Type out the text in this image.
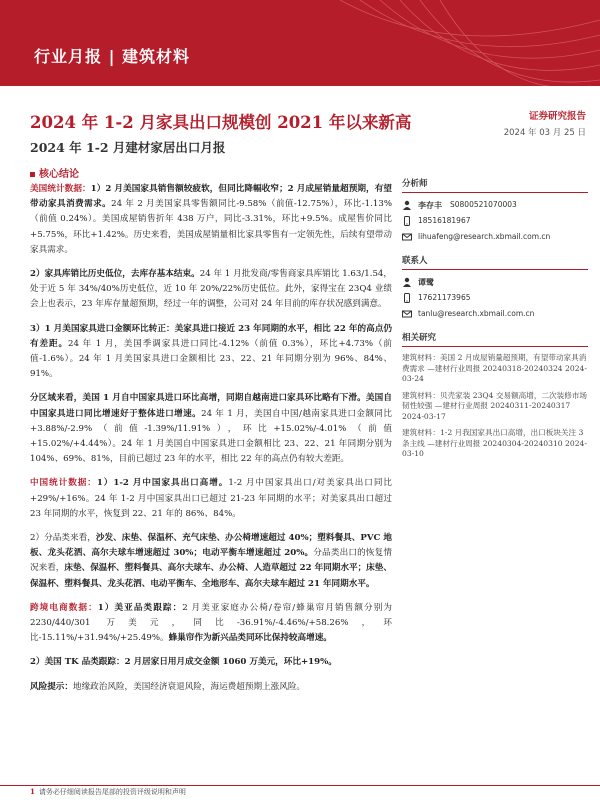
行业月报 | 建筑材料
2024 年 1-2 月家具出口规模创 2021 年以来新高
2024 年 1-2 月建材家居出口月报
证券研究报告
2024 年 03 月 25 日
核心结论

美国统计数据：1）2 月美国家具销售额较疲软，但同比降幅收窄；2 月成屋销量超预期，有望带动家具消费需求。24 年 2 月美国家具零售额同比-9.58%（前值-12.75%），环比-1.13%（前值 0.24%）。美国成屋销售折年 438 万户，同比-3.31%，环比+9.5%。成屋售价同比+5.75%，环比+1.42%。历史来看，美国成屋销量相比家具零售有一定领先性，后续有望带动家具需求。

2）家具库销比历史低位，去库存基本结束。24 年 1 月批发商/零售商家具库销比 1.63/1.54，处于近 5 年 34%/40%历史低位，近 10 年 20%/22%历史低位。此外，家得宝在 23Q4 业绩会上也表示，23 年库存量超预期，经过一年的调整，公司对 24 年目前的库存状况感到满意。

3）1 月美国家具进口金额环比转正：美家具进口接近 23 年同期的水平，相比 22 年的高点仍有差距。24 年 1 月，美国季调家具进口同比-4.12%（前值 0.3%），环比+4.73%（前值-1.6%）。24 年 1 月美国家具进口金额相比 23、22、21 年同期分别为 96%、84%、91%。

分区域来看，美国 1 月自中国家具进口环比高增，同期自越南进口家具环比略有下滑。美国自中国家具进口同比增速好于整体进口增速。24 年 1 月，美国自中国/越南家具进口金额同比+3.88%/-2.9%（前值-1.39%/11.91%），环比+15.02%/-4.01%（前值+15.02%/+4.44%）。24 年 1 月美国自中国家具进口金额相比 23、22、21 年同期分别为 104%、69%、81%，目前已超过 23 年的水平，相比 22 年的高点仍有较大差距。

中国统计数据：1）1-2 月中国家具出口高增。1-2 月中国家具出口/对美家具出口同比+29%/+16%。24 年 1-2 月中国家具出口已超过 21-23 年同期的水平；对美家具出口超过 23 年同期的水平，恢复到 22、21 年的 86%、84%。

2）分品类来看，沙发、床垫、保温杯、充气床垫、办公椅增速超过 40%；塑料餐具、PVC 地板、龙头花洒、高尔夫球车增速超过 30%；电动平衡车增速超过 20%。分品类出口的恢复情况来看，床垫、保温杯、塑料餐具、高尔夫球车、办公椅、人造草超过 22 年同期水平；床垫、保温杯、塑料餐具、龙头花洒、电动平衡车、全地形车、高尔夫球车超过 21 年同期水平。

跨境电商数据：1）美亚品类跟踪：2 月美亚家庭办公椅/卷帘/蜂巢帘月销售额分别为 2230/440/301 万美元，同比-36.91%/-4.46%/+58.26%，环比-15.11%/+31.94%/+25.49%。蜂巢帘作为新兴品类同环比保持较高增速。

2）美国 TK 品类跟踪：2 月居家日用月成交金额 1060 万美元，环比+19%。

风险提示：地缘政治风险，美国经济衰退风险，海运费超预期上涨风险。

分析师
李存丰 S0800521070003
18516181967
lihuafeng@research.xbmail.com.cn
联系人
谭鹭
17621173965
tanlu@research.xbmail.com.cn
相关研究

建筑材料：美国 2 月成屋销量超预期，有望带动家具消费需求 —建材行业周报 20240318-20240324 2024-03-24

建筑材料：贝壳家装 23Q4 交易额高增，二次装修市场韧性较强 —建材行业周报 20240311-20240317 2024-03-17

建筑材料：1-2 月我国家具出口高增，出口板块关注 3 条主线 —建材行业周报 20240304-20240310 2024-03-10

1 请务必仔细阅读报告尾部的投资评级说明和声明
